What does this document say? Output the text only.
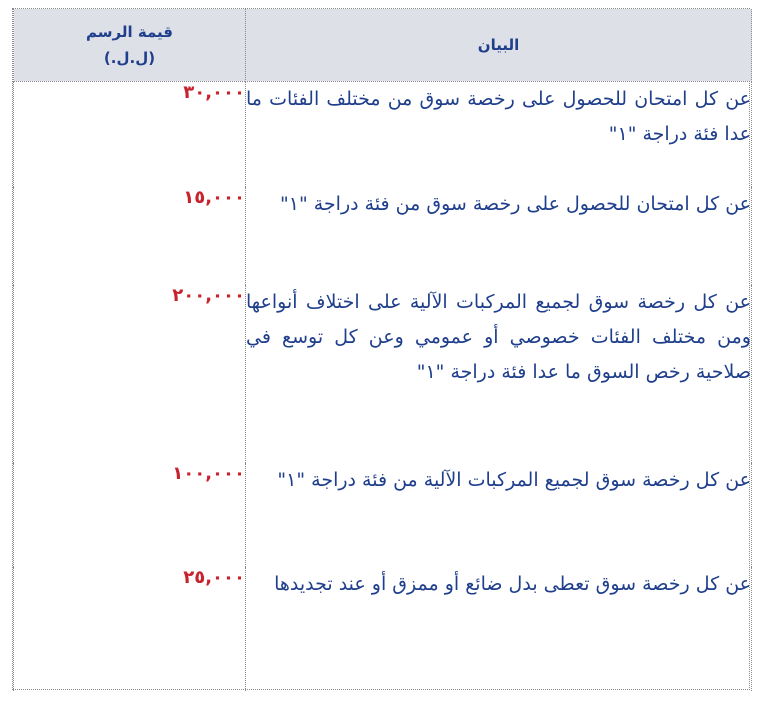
البيان	قيمة الرسم
(ل.ل.)

عن كل امتحان للحصول على رخصة سوق من مختلف الفئات ما عدا فئة دراجة "١"	٣٠,٠٠٠
عن كل امتحان للحصول على رخصة سوق من فئة دراجة "١"	١٥,٠٠٠
عن كل رخصة سوق لجميع المركبات الآلية على اختلاف أنواعها ومن مختلف الفئات خصوصي أو عمومي وعن كل توسع في صلاحية رخص السوق ما عدا فئة دراجة "١"	٢٠٠,٠٠٠
عن كل رخصة سوق لجميع المركبات الآلية من فئة دراجة "١"	١٠٠,٠٠٠
عن كل رخصة سوق تعطى بدل ضائع أو ممزق أو عند تجديدها	٢٥,٠٠٠
